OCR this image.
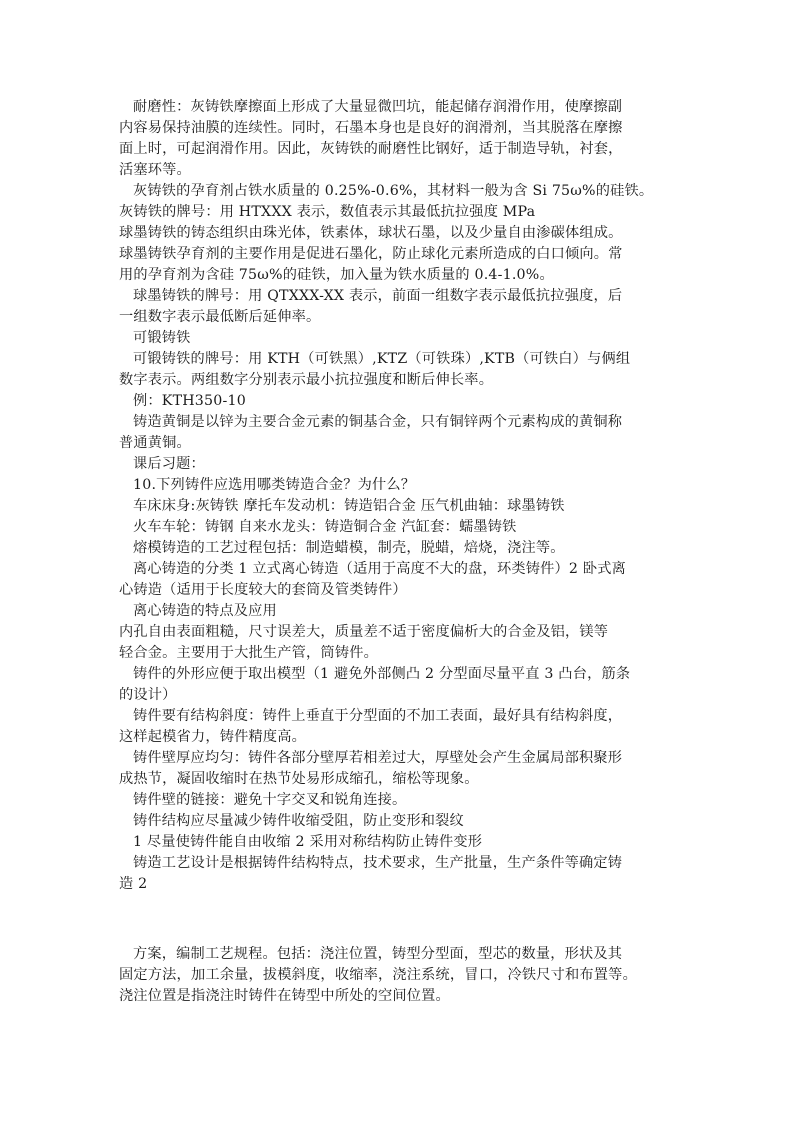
耐磨性：灰铸铁摩擦面上形成了大量显微凹坑，能起储存润滑作用，使摩擦副
内容易保持油膜的连续性。同时，石墨本身也是良好的润滑剂，当其脱落在摩擦
面上时，可起润滑作用。因此，灰铸铁的耐磨性比钢好，适于制造导轨，衬套，
活塞环等。
灰铸铁的孕育剂占铁水质量的 0.25%-0.6%，其材料一般为含 Si 75ω%的硅铁。
灰铸铁的牌号：用 HTXXX 表示，数值表示其最低抗拉强度 MPa
球墨铸铁的铸态组织由珠光体，铁素体，球状石墨，以及少量自由渗碳体组成。
球墨铸铁孕育剂的主要作用是促进石墨化，防止球化元素所造成的白口倾向。常
用的孕育剂为含硅 75ω%的硅铁，加入量为铁水质量的 0.4-1.0%。
球墨铸铁的牌号：用 QTXXX-XX 表示，前面一组数字表示最低抗拉强度，后
一组数字表示最低断后延伸率。
可锻铸铁
可锻铸铁的牌号：用 KTH（可铁黑）,KTZ（可铁珠）,KTB（可铁白）与俩组
数字表示。两组数字分别表示最小抗拉强度和断后伸长率。
例：KTH350-10
铸造黄铜是以锌为主要合金元素的铜基合金，只有铜锌两个元素构成的黄铜称
普通黄铜。
课后习题：
10.下列铸件应选用哪类铸造合金？为什么？
车床床身:灰铸铁 摩托车发动机：铸造铝合金 压气机曲轴：球墨铸铁
火车车轮：铸钢 自来水龙头：铸造铜合金 汽缸套：蠕墨铸铁
熔模铸造的工艺过程包括：制造蜡模，制壳，脱蜡，焙烧，浇注等。
离心铸造的分类 1 立式离心铸造（适用于高度不大的盘，环类铸件）2 卧式离
心铸造（适用于长度较大的套筒及管类铸件）
离心铸造的特点及应用
内孔自由表面粗糙，尺寸误差大，质量差不适于密度偏析大的合金及铝，镁等
轻合金。主要用于大批生产管，筒铸件。
铸件的外形应便于取出模型（1 避免外部侧凸 2 分型面尽量平直 3 凸台，筋条
的设计）
铸件要有结构斜度：铸件上垂直于分型面的不加工表面，最好具有结构斜度，
这样起模省力，铸件精度高。
铸件壁厚应均匀：铸件各部分壁厚若相差过大，厚壁处会产生金属局部积聚形
成热节，凝固收缩时在热节处易形成缩孔，缩松等现象。
铸件壁的链接：避免十字交叉和锐角连接。
铸件结构应尽量减少铸件收缩受阻，防止变形和裂纹
1 尽量使铸件能自由收缩 2 采用对称结构防止铸件变形
铸造工艺设计是根据铸件结构特点，技术要求，生产批量，生产条件等确定铸
造 2
方案，编制工艺规程。包括：浇注位置，铸型分型面，型芯的数量，形状及其
固定方法，加工余量，拔模斜度，收缩率，浇注系统，冒口，冷铁尺寸和布置等。
浇注位置是指浇注时铸件在铸型中所处的空间位置。
